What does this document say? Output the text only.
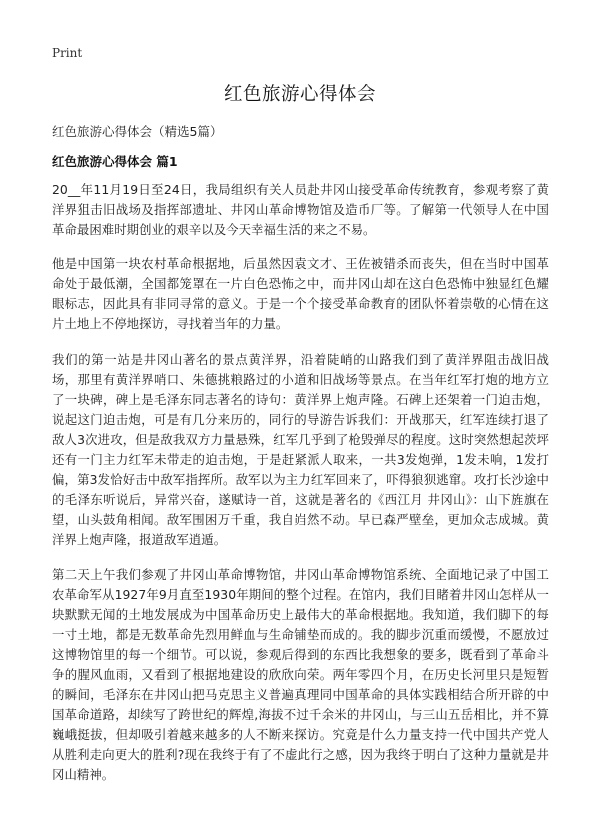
Print
红色旅游心得体会

红色旅游心得体会（精选5篇）

红色旅游心得体会 篇1

20__年11月19日至24日，我局组织有关人员赴井冈山接受革命传统教育，参观考察了黄洋界狙击旧战场及指挥部遗址、井冈山革命博物馆及造币厂等。了解第一代领导人在中国革命最困难时期创业的艰辛以及今天幸福生活的来之不易。

他是中国第一块农村革命根据地，后虽然因袁文才、王佐被错杀而丧失，但在当时中国革命处于最低潮，全国都笼罩在一片白色恐怖之中，而井冈山却在这白色恐怖中独显红色耀眼标志，因此具有非同寻常的意义。于是一个个接受革命教育的团队怀着崇敬的心情在这片土地上不停地探访，寻找着当年的力量。

我们的第一站是井冈山著名的景点黄洋界，沿着陡峭的山路我们到了黄洋界阻击战旧战场，那里有黄洋界哨口、朱德挑粮路过的小道和旧战场等景点。在当年红军打炮的地方立了一块碑，碑上是毛泽东同志著名的诗句：黄洋界上炮声隆。石碑上还架着一门迫击炮，说起这门迫击炮，可是有几分来历的，同行的导游告诉我们：开战那天，红军连续打退了敌人3次进攻，但是敌我双方力量悬殊，红军几乎到了枪毁弹尽的程度。这时突然想起茨坪还有一门主力红军未带走的迫击炮，于是赶紧派人取来，一共3发炮弹，1发未响，1发打偏，第3发恰好击中敌军指挥所。敌军以为主力红军回来了，吓得狼狈逃窜。攻打长沙途中的毛泽东听说后，异常兴奋，遂赋诗一首，这就是著名的《西江月 井冈山》：山下旌旗在望，山头鼓角相闻。敌军围困万千重，我自岿然不动。早已森严壁垒，更加众志成城。黄洋界上炮声隆，报道敌军逍遁。

第二天上午我们参观了井冈山革命博物馆，井冈山革命博物馆系统、全面地记录了中国工农革命军从1927年9月直至1930年期间的整个过程。在馆内，我们目睹着井冈山怎样从一块默默无闻的土地发展成为中国革命历史上最伟大的革命根据地。我知道，我们脚下的每一寸土地，都是无数革命先烈用鲜血与生命铺垫而成的。我的脚步沉重而缓慢，不愿放过这博物馆里的每一个细节。可以说，参观后得到的东西比我想象的要多，既看到了革命斗争的腥风血雨，又看到了根据地建设的欣欣向荣。两年零四个月，在历史长河里只是短暂的瞬间，毛泽东在井冈山把马克思主义普遍真理同中国革命的具体实践相结合所开辟的中国革命道路，却续写了跨世纪的辉煌,海拔不过千余米的井冈山，与三山五岳相比，并不算巍峨挺拔，但却吸引着越来越多的人不断来探访。究竟是什么力量支持一代中国共产党人从胜利走向更大的胜利?现在我终于有了不虚此行之感，因为我终于明白了这种力量就是井冈山精神。
